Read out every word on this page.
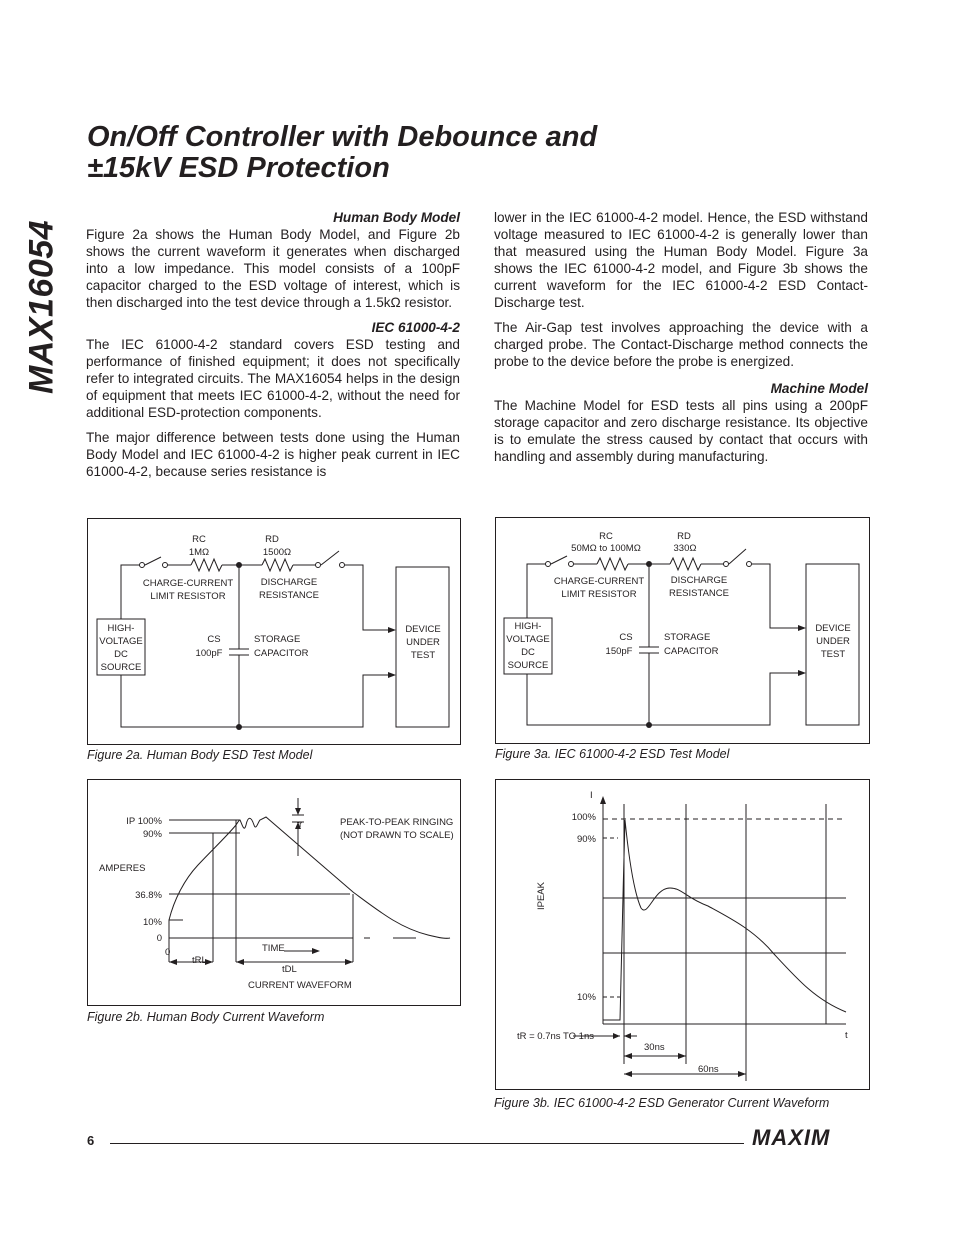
MAX16054
On/Off Controller with Debounce and
±15kV ESD Protection
Human Body Model

Figure 2a shows the Human Body Model, and Figure 2b shows the current waveform it generates when discharged into a low impedance. This model consists of a 100pF capacitor charged to the ESD voltage of interest, which is then discharged into the test device through a 1.5kΩ resistor.

IEC 61000-4-2

The IEC 61000-4-2 standard covers ESD testing and performance of finished equipment; it does not specifically refer to integrated circuits. The MAX16054 helps in the design of equipment that meets IEC 61000-4-2, without the need for additional ESD-protection components.

The major difference between tests done using the Human Body Model and IEC 61000-4-2 is higher peak current in IEC 61000-4-2, because series resistance is

lower in the IEC 61000-4-2 model. Hence, the ESD withstand voltage measured to IEC 61000-4-2 is generally lower than that measured using the Human Body Model. Figure 3a shows the IEC 61000-4-2 model, and Figure 3b shows the current waveform for the IEC 61000-4-2 ESD Contact-Discharge test.

The Air-Gap test involves approaching the device with a charged probe. The Contact-Discharge method connects the probe to the device before the probe is energized.

Machine Model

The Machine Model for ESD tests all pins using a 200pF storage capacitor and zero discharge resistance. Its objective is to emulate the stress caused by contact that occurs with handling and assembly during manufacturing.

RC
1MΩ
RD
1500Ω
CHARGE-CURRENT
LIMIT RESISTOR
DISCHARGE
RESISTANCE
HIGH-
VOLTAGE
DC
SOURCE
CS
100pF
DEVICE
UNDER
TEST
STORAGE
CAPACITOR
Figure 2a. Human Body ESD Test Model
RC
50MΩ to 100MΩ
RD
330Ω
CHARGE-CURRENT
LIMIT RESISTOR
DISCHARGE
RESISTANCE
HIGH-
VOLTAGE
DC
SOURCE
CS
150pF
DEVICE
UNDER
TEST
STORAGE
CAPACITOR
Figure 3a. IEC 61000-4-2 ESD Test Model
IP 100%
90%
36.8%
10%
0
AMPERES
0
tr	PEAK-TO-PEAK RINGING
(NOT DRAWN TO SCALE)
TIME
tRL
tDL
CURRENT WAVEFORM
Figure 2b. Human Body Current Waveform
100%
90%
10%
tR = 0.7ns TO 1ns
I
t
30ns
60ns
IPEAK
Figure 3b. IEC 61000-4-2 ESD Generator Current Waveform
6	MAXIM
